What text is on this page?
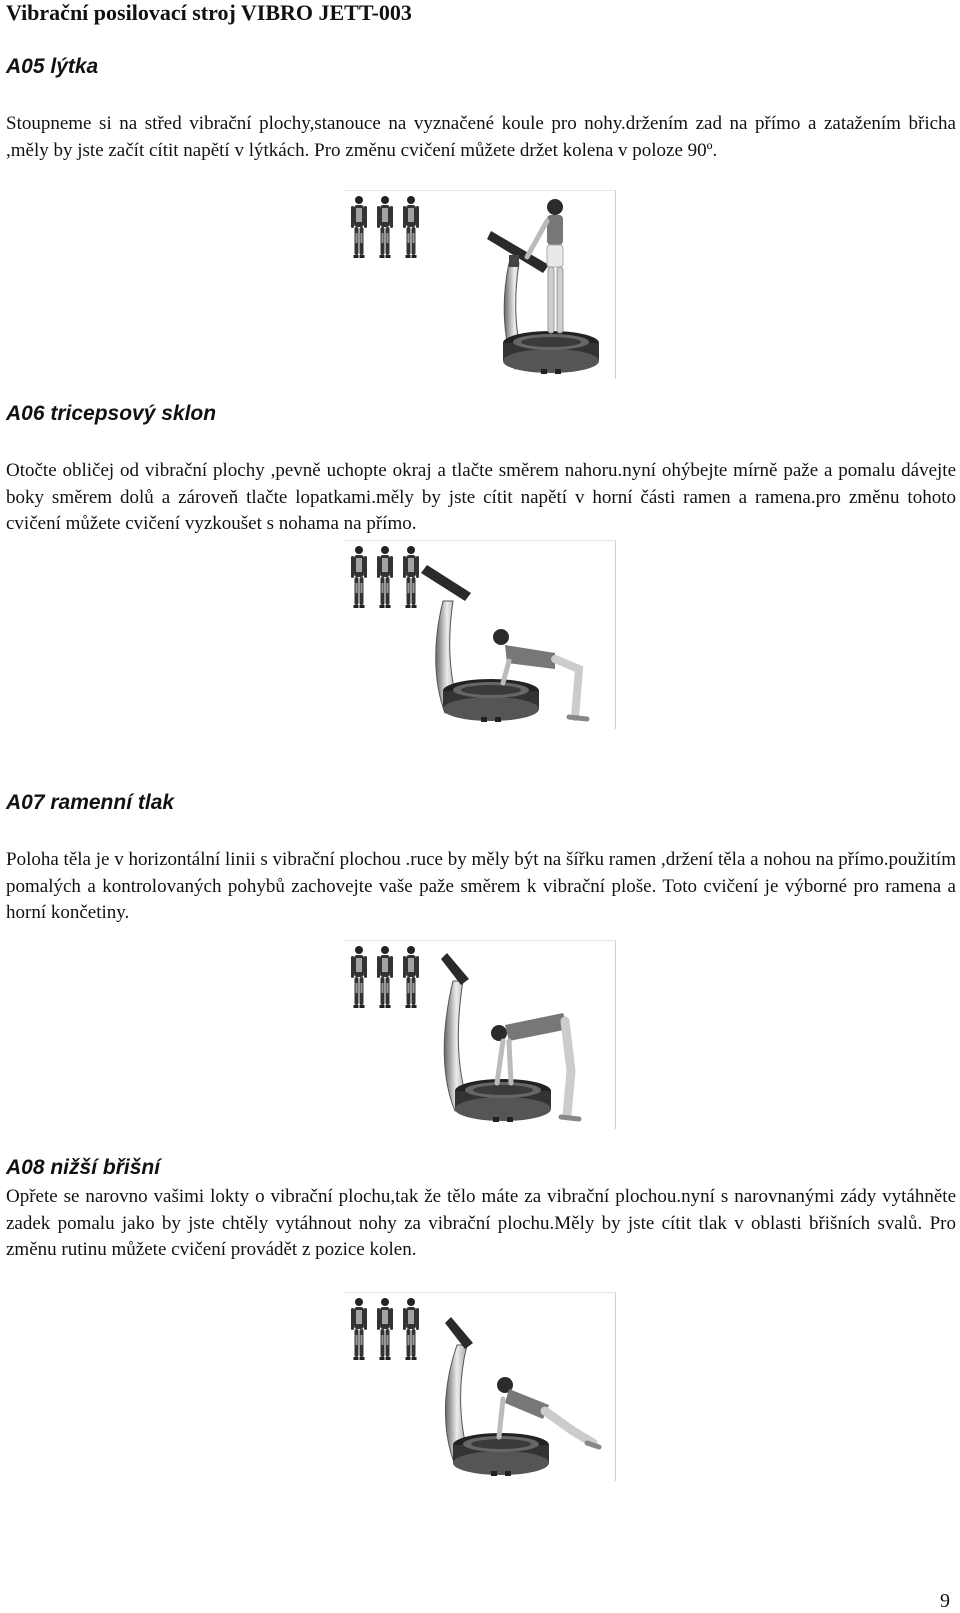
Vibrační posilovací stroj VIBRO JETT-003
A05 lýtka

Stoupneme si na střed vibrační plochy,stanouce na vyznačené koule pro nohy.držením zad na přímo a zatažením břicha ,měly by jste začít cítit napětí v lýtkách. Pro změnu cvičení můžete držet kolena v poloze 90º.

A06 tricepsový sklon

Otočte obličej od vibrační plochy ,pevně uchopte okraj a tlačte směrem nahoru.nyní ohýbejte mírně paže a pomalu dávejte boky směrem dolů a zároveň tlačte lopatkami.měly by jste cítit napětí v horní části ramen a ramena.pro změnu tohoto cvičení můžete cvičení vyzkoušet s nohama na přímo.

A07 ramenní tlak

Poloha těla je v horizontální linii s vibrační plochou .ruce by měly být na šířku ramen ,držení těla a nohou na přímo.použitím pomalých a kontrolovaných pohybů zachovejte vaše paže směrem k vibrační ploše. Toto cvičení je výborné pro ramena a horní končetiny.

A08 nižší břišní

Opřete se narovno vašimi lokty o vibrační plochu,tak že tělo máte za vibrační plochou.nyní s narovnanými zády vytáhněte zadek pomalu jako by jste chtěly vytáhnout nohy za vibrační plochu.Měly by jste cítit tlak v oblasti břišních svalů. Pro změnu rutinu můžete cvičení provádět z pozice kolen.

9
